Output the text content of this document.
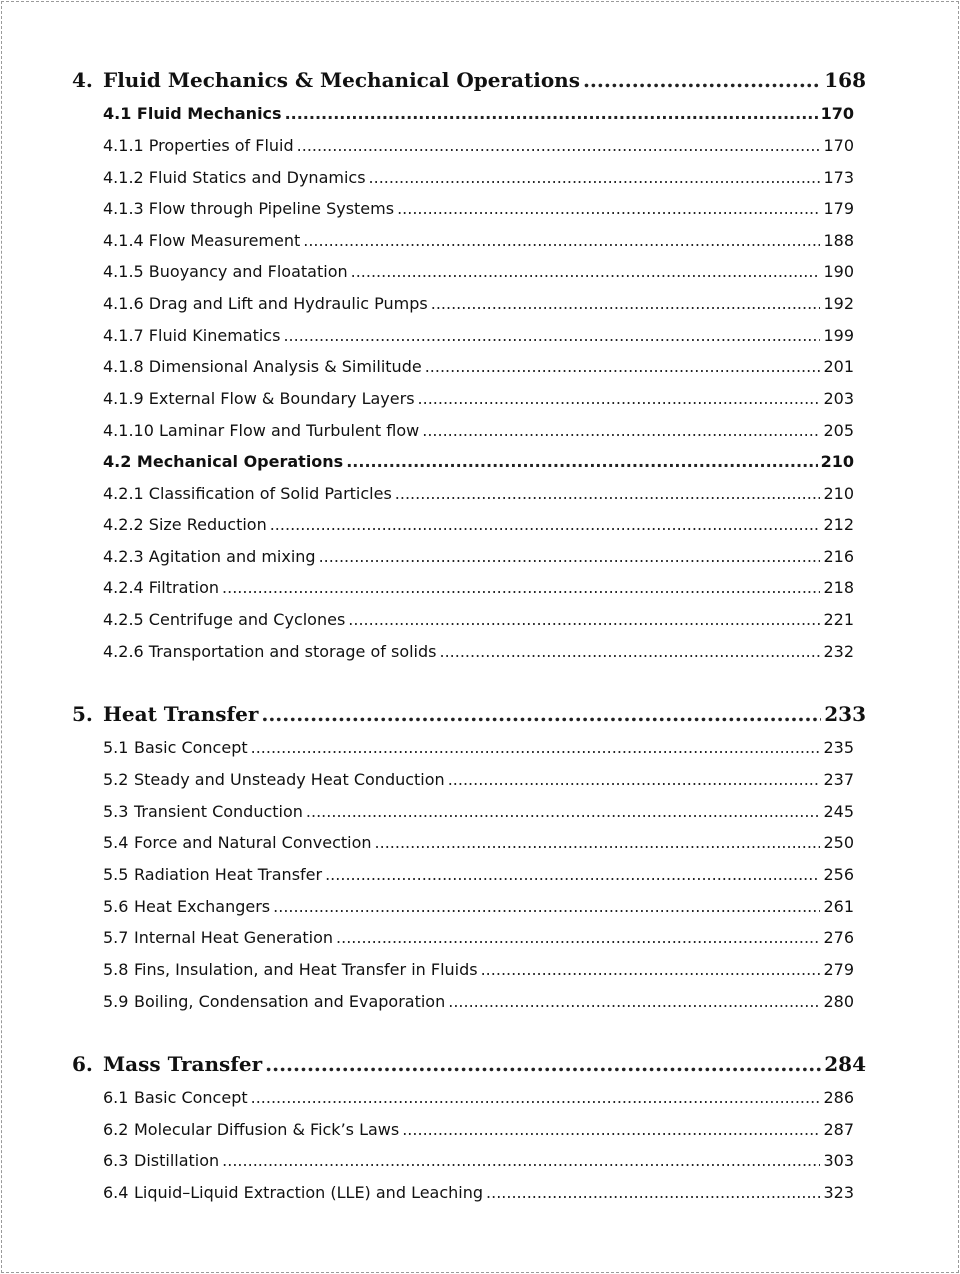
4. Fluid Mechanics & Mechanical Operations .....	168
4.1 Fluid Mechanics .....	170
4.1.1 Properties of Fluid .....	170
4.1.2 Fluid Statics and Dynamics .....	173
4.1.3 Flow through Pipeline Systems .....	179
4.1.4 Flow Measurement .....	188
4.1.5 Buoyancy and Floatation .....	190
4.1.6 Drag and Lift and Hydraulic Pumps .....	192
4.1.7 Fluid Kinematics .....	199
4.1.8 Dimensional Analysis & Similitude .....	201
4.1.9 External Flow & Boundary Layers .....	203
4.1.10 Laminar Flow and Turbulent flow .....	205
4.2 Mechanical Operations .....	210
4.2.1 Classification of Solid Particles .....	210
4.2.2 Size Reduction .....	212
4.2.3 Agitation and mixing .....	216
4.2.4 Filtration .....	218
4.2.5 Centrifuge and Cyclones .....	221
4.2.6 Transportation and storage of solids .....	232
5. Heat Transfer .....	233
5.1 Basic Concept .....	235
5.2 Steady and Unsteady Heat Conduction .....	237
5.3 Transient Conduction .....	245
5.4 Force and Natural Convection .....	250
5.5 Radiation Heat Transfer .....	256
5.6 Heat Exchangers .....	261
5.7 Internal Heat Generation .....	276
5.8 Fins, Insulation, and Heat Transfer in Fluids .....	279
5.9 Boiling, Condensation and Evaporation .....	280
6. Mass Transfer .....	284
6.1 Basic Concept .....	286
6.2 Molecular Diffusion & Fick’s Laws .....	287
6.3 Distillation .....	303
6.4 Liquid–Liquid Extraction (LLE) and Leaching .....	323
